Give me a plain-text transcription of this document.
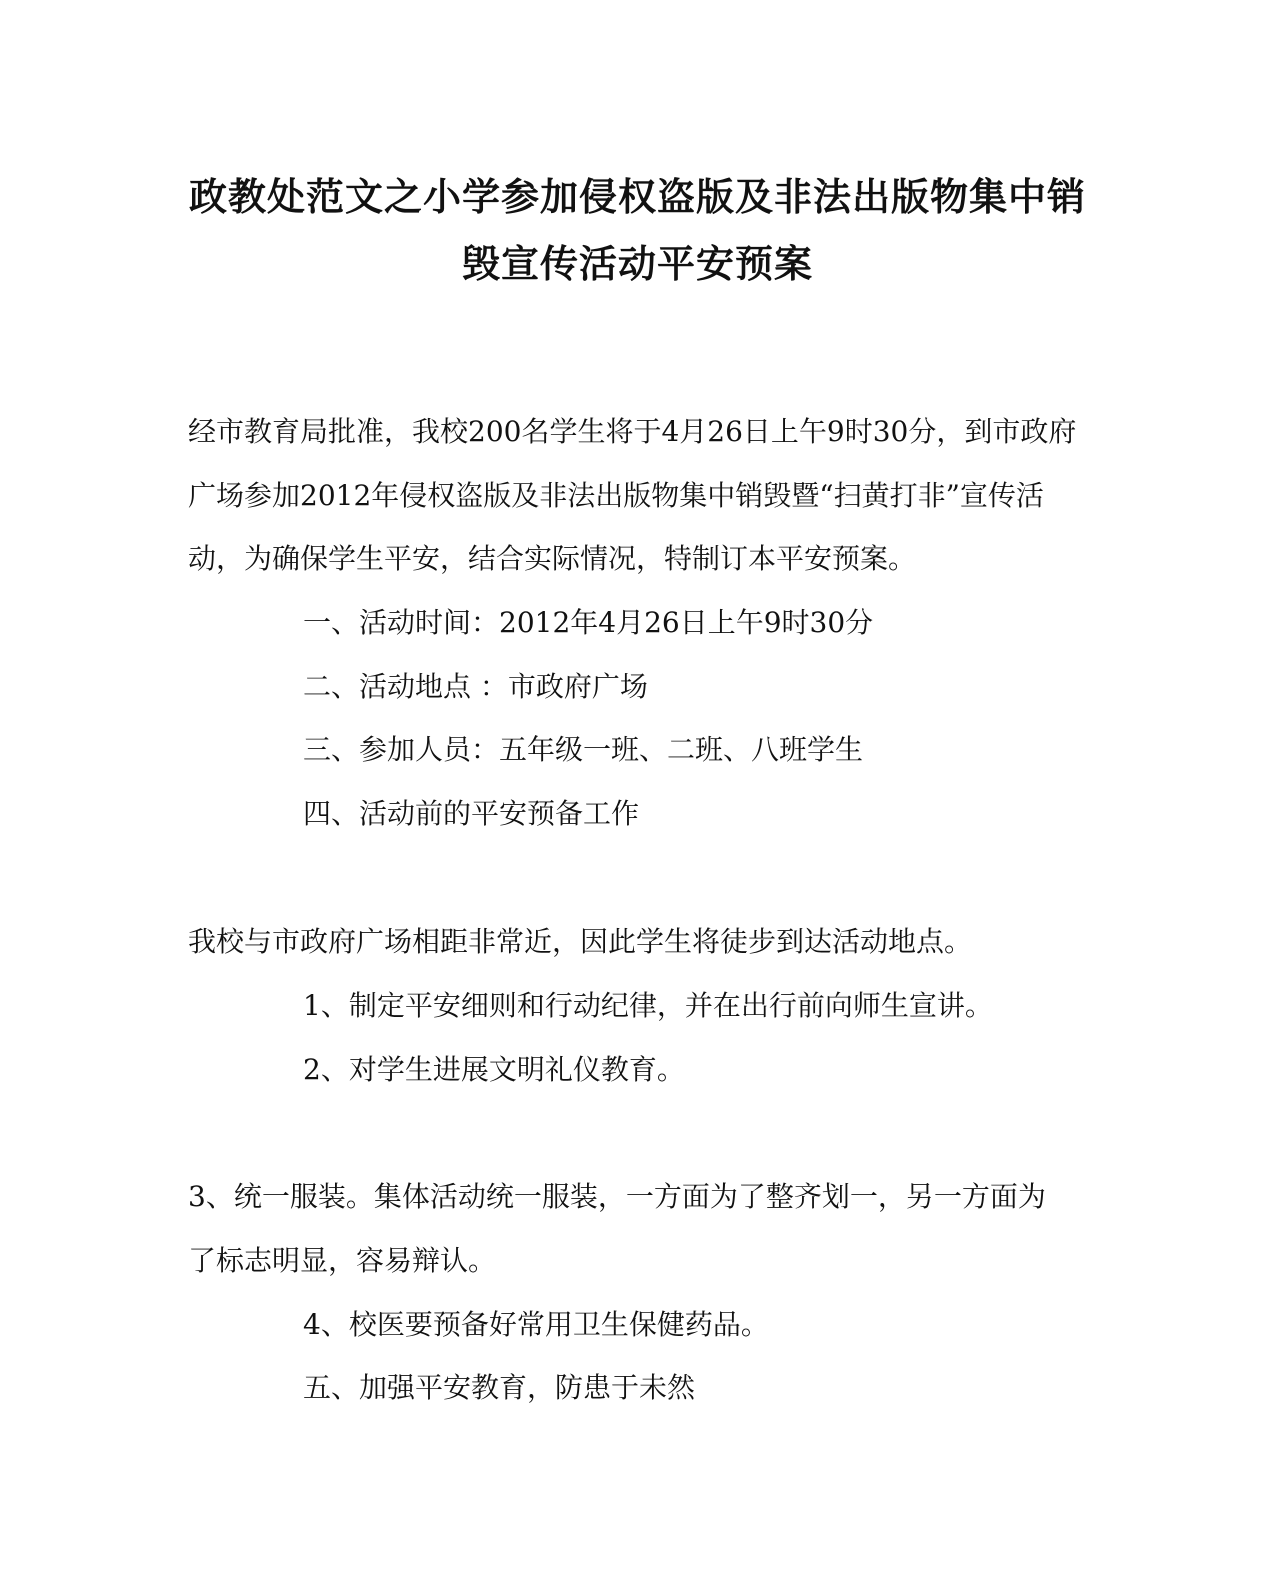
政教处范文之小学参加侵权盗版及非法出版物集中销
毁宣传活动平安预案
经市教育局批准，我校200名学生将于4月26日上午9时30分，到市政府
广场参加2012年侵权盗版及非法出版物集中销毁暨“扫黄打非”宣传活
动，为确保学生平安，结合实际情况，特制订本平安预案。
一、活动时间：2012年4月26日上午9时30分
二、活动地点 ：市政府广场
三、参加人员：五年级一班、二班、八班学生
四、活动前的平安预备工作
我校与市政府广场相距非常近，因此学生将徒步到达活动地点。
1、制定平安细则和行动纪律，并在出行前向师生宣讲。
2、对学生进展文明礼仪教育。
3、统一服装。集体活动统一服装，一方面为了整齐划一，另一方面为
了标志明显，容易辩认。
4、校医要预备好常用卫生保健药品。
五、加强平安教育，防患于未然
